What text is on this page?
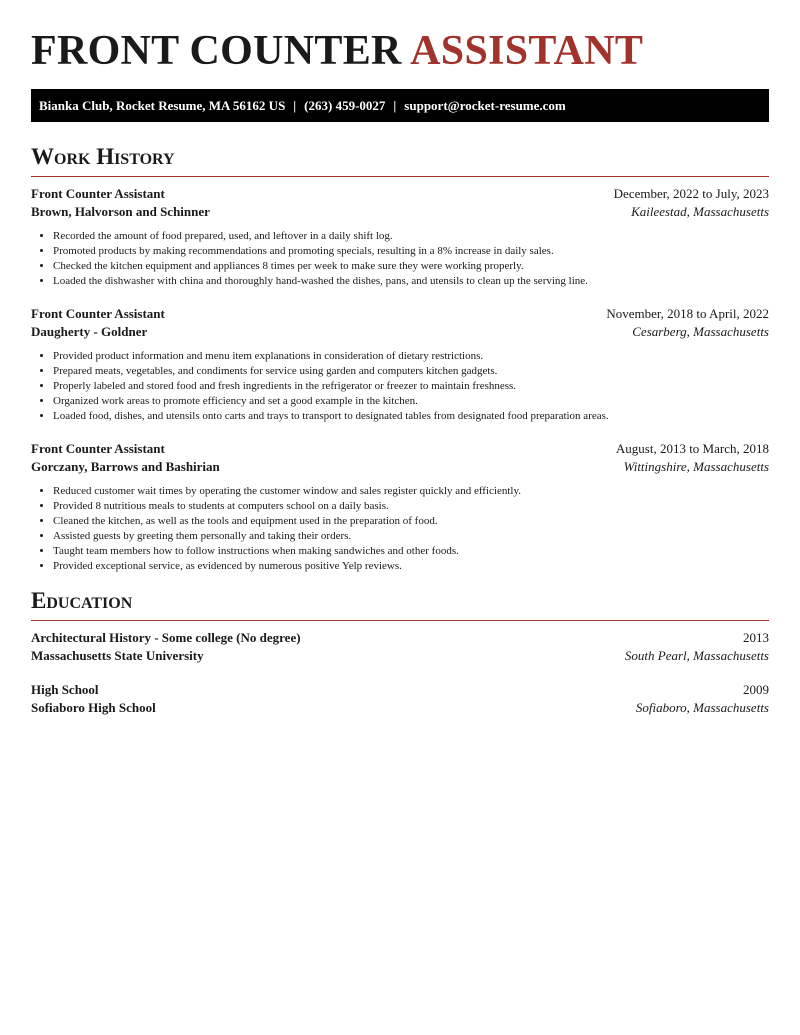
FRONT COUNTER ASSISTANT
Bianka Club, Rocket Resume, MA 56162 US | (263) 459-0027 | support@rocket-resume.com
Work History
Front Counter Assistant	December, 2022 to July, 2023
Brown, Halvorson and Schinner	Kaileestad, Massachusetts
• Recorded the amount of food prepared, used, and leftover in a daily shift log.
• Promoted products by making recommendations and promoting specials, resulting in a 8% increase in daily sales.
• Checked the kitchen equipment and appliances 8 times per week to make sure they were working properly.
• Loaded the dishwasher with china and thoroughly hand-washed the dishes, pans, and utensils to clean up the serving line.
Front Counter Assistant	November, 2018 to April, 2022
Daugherty - Goldner	Cesarberg, Massachusetts
• Provided product information and menu item explanations in consideration of dietary restrictions.
• Prepared meats, vegetables, and condiments for service using garden and computers kitchen gadgets.
• Properly labeled and stored food and fresh ingredients in the refrigerator or freezer to maintain freshness.
• Organized work areas to promote efficiency and set a good example in the kitchen.
• Loaded food, dishes, and utensils onto carts and trays to transport to designated tables from designated food preparation areas.
Front Counter Assistant	August, 2013 to March, 2018
Gorczany, Barrows and Bashirian	Wittingshire, Massachusetts
• Reduced customer wait times by operating the customer window and sales register quickly and efficiently.
• Provided 8 nutritious meals to students at computers school on a daily basis.
• Cleaned the kitchen, as well as the tools and equipment used in the preparation of food.
• Assisted guests by greeting them personally and taking their orders.
• Taught team members how to follow instructions when making sandwiches and other foods.
• Provided exceptional service, as evidenced by numerous positive Yelp reviews.
Education
Architectural History - Some college (No degree)	2013
Massachusetts State University	South Pearl, Massachusetts
High School	2009
Sofiaboro High School	Sofiaboro, Massachusetts
